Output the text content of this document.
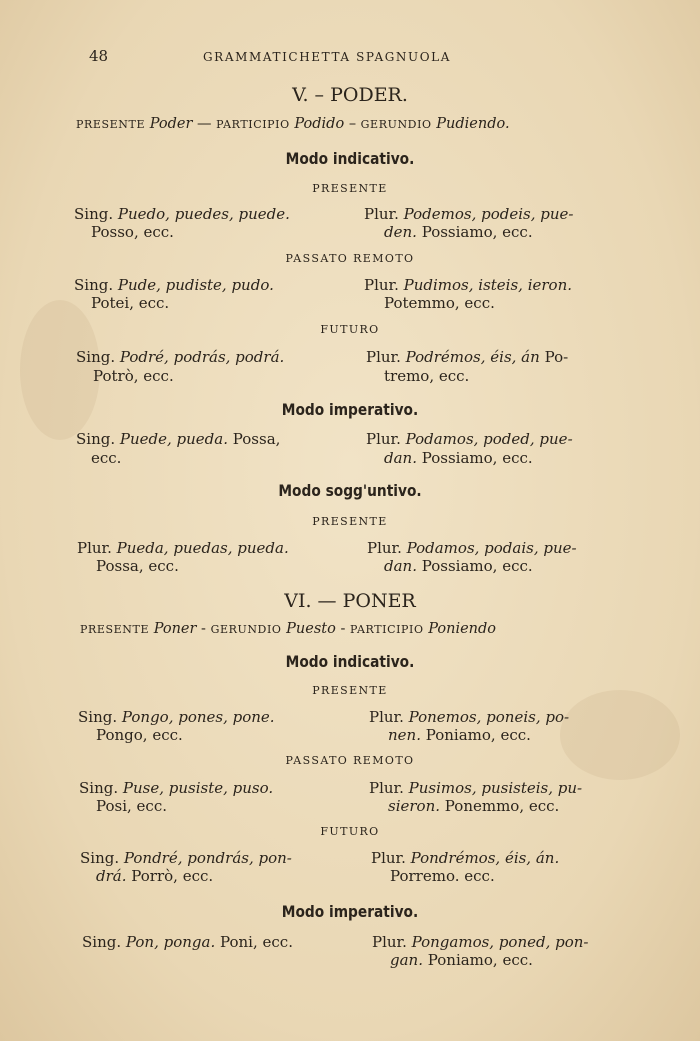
48	GRAMMATICHETTA SPAGNUOLA
V. – PODER.
PRESENTE Poder — PARTICIPIO Podido – GERUNDIO Pudiendo.
Modo indicativo.
PRESENTE
Sing. Puedo, puedes, puede.
Posso, ecc.
Plur. Podemos, podeis, pue-
den. Possiamo, ecc.
PASSATO REMOTO
Sing. Pude, pudiste, pudo.
Potei, ecc.
Plur. Pudimos, isteis, ieron.
Potemmo, ecc.
FUTURO
Sing. Podré, podrás, podrá.
Potrò, ecc.
Plur. Podrémos, éis, án Po-
tremo, ecc.
Modo imperativo.
Sing. Puede, pueda. Possa,
ecc.
Plur. Podamos, poded, pue-
dan. Possiamo, ecc.
Modo sogg'untivo.
PRESENTE
Plur. Pueda, puedas, pueda.
Possa, ecc.
Plur. Podamos, podais, pue-
dan. Possiamo, ecc.
VI. — PONER
PRESENTE Poner - GERUNDIO Puesto - PARTICIPIO Poniendo
Modo indicativo.
PRESENTE
Sing. Pongo, pones, pone.
Pongo, ecc.
Plur. Ponemos, poneis, po-
nen. Poniamo, ecc.
PASSATO REMOTO
Sing. Puse, pusiste, puso.
Posi, ecc.
Plur. Pusimos, pusisteis, pu-
sieron. Ponemmo, ecc.
FUTURO
Sing. Pondré, pondrás, pon-
drá. Porrò, ecc.
Plur. Pondrémos, éis, án.
Porremo. ecc.
Modo imperativo.
Sing. Pon, ponga. Poni, ecc.	Plur. Pongamos, poned, pon-
gan. Poniamo, ecc.
